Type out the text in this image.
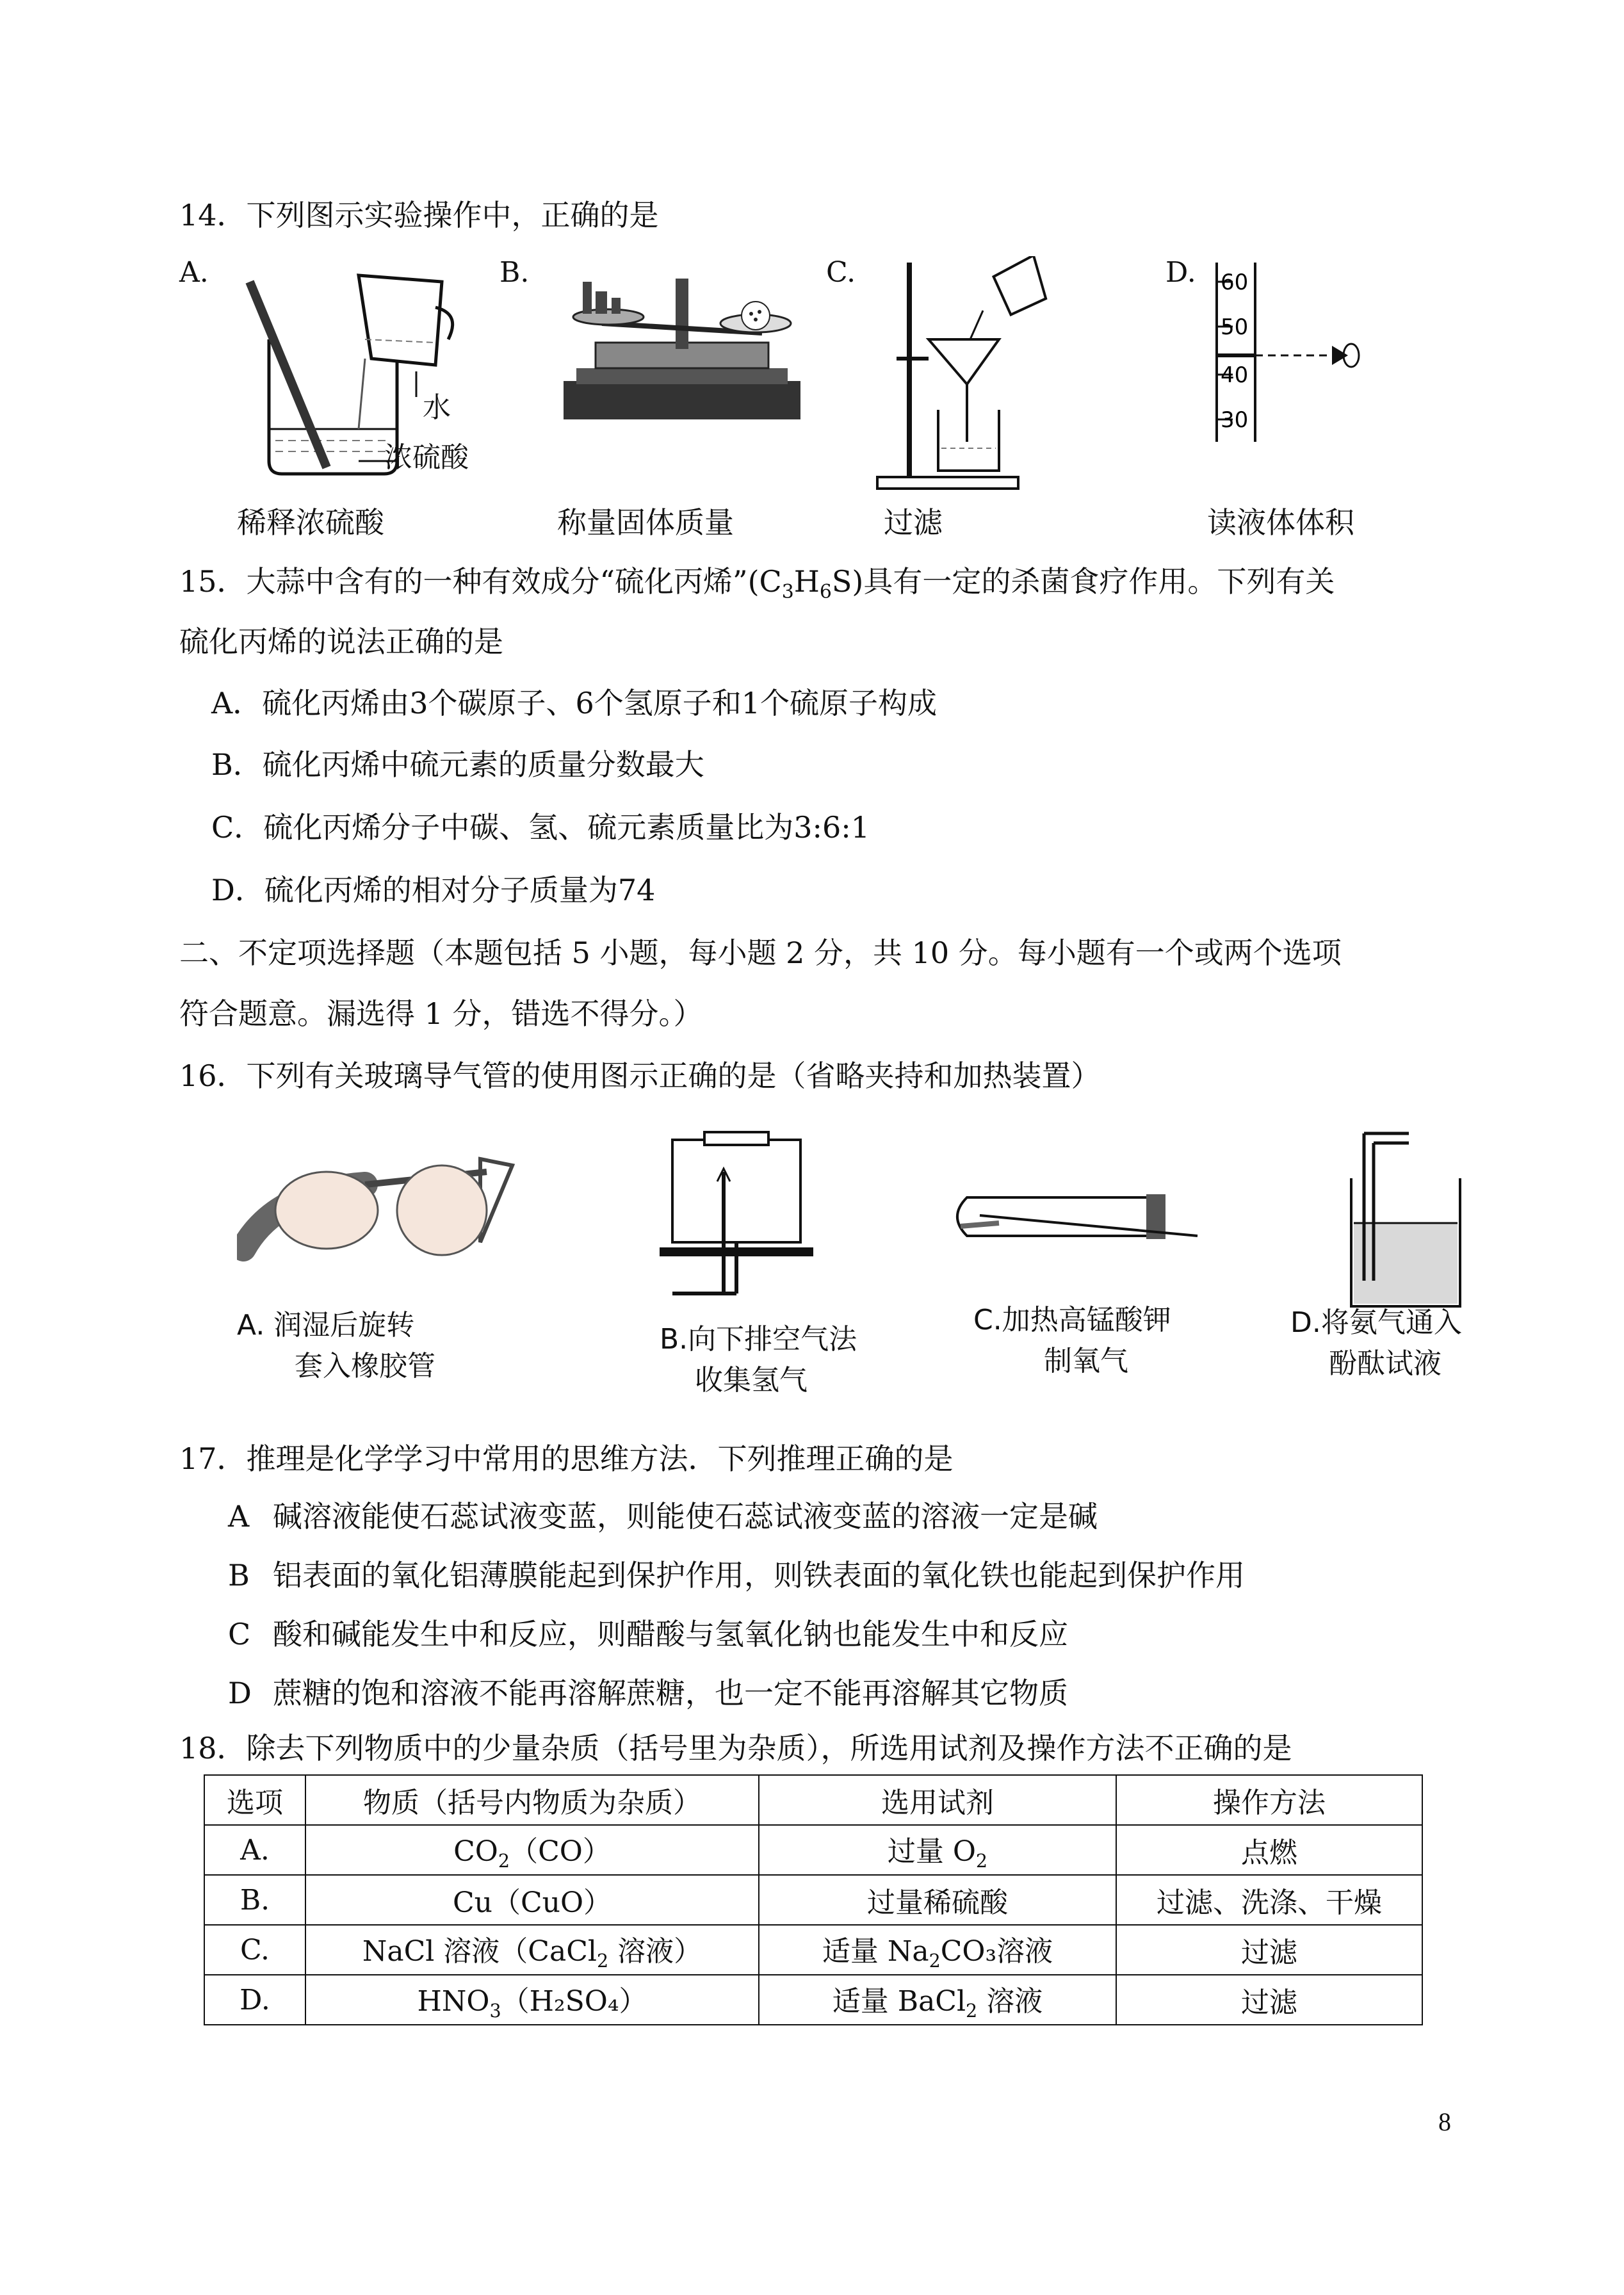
14．下列图示实验操作中，正确的是
A.	B.	C.	D.
水
浓硫酸
60
50
40
30
稀释浓硫酸	称量固体质量	过滤	读液体体积
15．大蒜中含有的一种有效成分“硫化丙烯$”(C_3H_6S)$具有一定的杀菌食疗作用。下列有关
硫化丙烯的说法正确的是
A．硫化丙烯由3个碳原子、6个氢原子和1个硫原子构成
B．硫化丙烯中硫元素的质量分数最大
C．硫化丙烯分子中碳、氢、硫元素质量比为3:6:1
D．硫化丙烯的相对分子质量为74
二、不定项选择题（本题包括 5 小题，每小题 2 分，共 10 分。每小题有一个或两个选项
符合题意。漏选得 1 分，错选不得分。）
16．下列有关玻璃导气管的使用图示正确的是（省略夹持和加热装置）
A. 润湿后旋转
套入橡胶管
B.向下排空气法
收集氢气
C.加热高锰酸钾
制氧气
D.将氨气通入
酚酞试液
17．推理是化学学习中常用的思维方法．下列推理正确的是
A 碱溶液能使石蕊试液变蓝，则能使石蕊试液变蓝的溶液一定是碱
B 铝表面的氧化铝薄膜能起到保护作用，则铁表面的氧化铁也能起到保护作用
C 酸和碱能发生中和反应，则醋酸与氢氧化钠也能发生中和反应
D 蔗糖的饱和溶液不能再溶解蔗糖，也一定不能再溶解其它物质
18．除去下列物质中的少量杂质（括号里为杂质），所选用试剂及操作方法不正确的是
选项	物质（括号内物质为杂质）	选用试剂	操作方法
A.	$CO_2(CO)$	过量 $O_2$	点燃
B.	Cu（CuO）	过量稀硫酸	过滤、洗涤、干燥
C.	NaCl 溶液（CaCl$_2$ 溶液）	适量 $Na_2CO_3$溶液	过滤
D.	$HNO_3(H_2SO_4)$	适量 BaCl$_2$ 溶液	过滤
8
